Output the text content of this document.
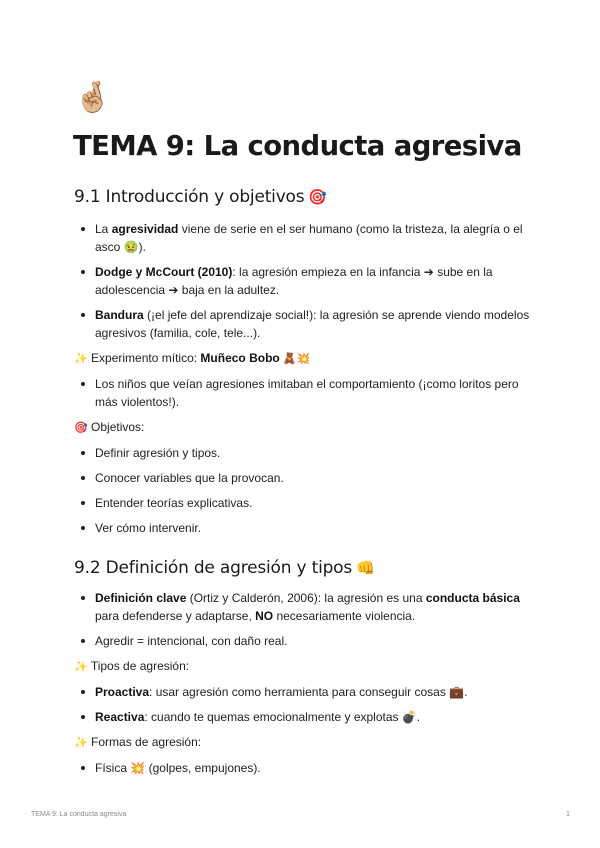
🤞🏼
TEMA 9: La conducta agresiva
9.1 Introducción y objetivos 🎯
La agresividad viene de serie en el ser humano (como la tristeza, la alegría o el asco 🤢).
Dodge y McCourt (2010): la agresión empieza en la infancia ➔ sube en la adolescencia ➔ baja en la adultez.
Bandura (¡el jefe del aprendizaje social!): la agresión se aprende viendo modelos agresivos (familia, cole, tele...).

✨ Experimento mítico: Muñeco Bobo 🧸💥

Los niños que veían agresiones imitaban el comportamiento (¡como loritos pero más violentos!).

🎯 Objetivos:

Definir agresión y tipos.
Conocer variables que la provocan.
Entender teorías explicativas.
Ver cómo intervenir.
9.2 Definición de agresión y tipos 👊
Definición clave (Ortiz y Calderón, 2006): la agresión es una conducta básica para defenderse y adaptarse, NO necesariamente violencia.
Agredir = intencional, con daño real.

✨ Tipos de agresión:

Proactiva: usar agresión como herramienta para conseguir cosas 💼.
Reactiva: cuando te quemas emocionalmente y explotas 💣.

✨ Formas de agresión:

Física 💥 (golpes, empujones).
TEMA 9: La conducta agresiva	1
